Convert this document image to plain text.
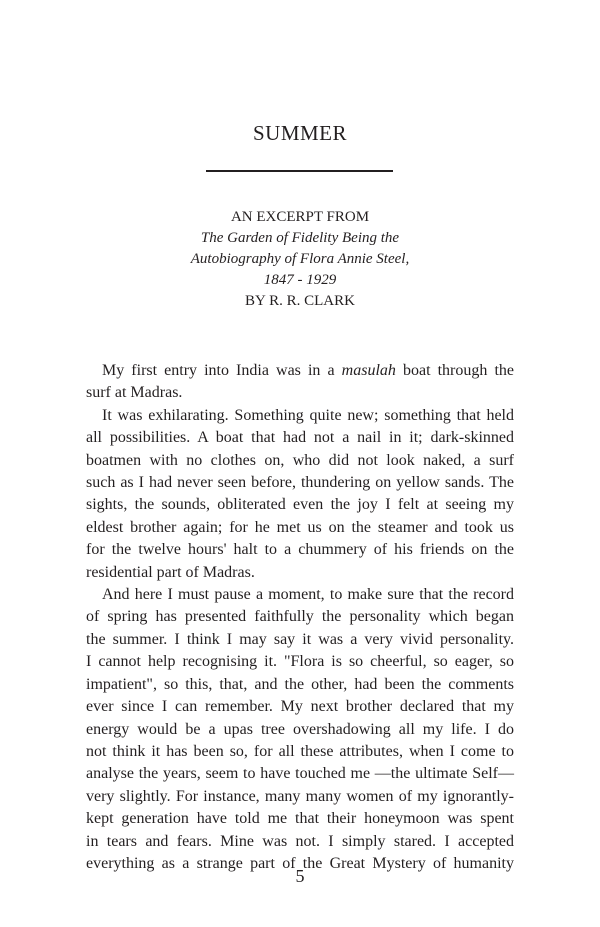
SUMMER
AN EXCERPT FROM
The Garden of Fidelity Being the
Autobiography of Flora Annie Steel,
1847 - 1929
BY R. R. CLARK

My first entry into India was in a masulah boat through the
surf at Madras.

It was exhilarating. Something quite new; something that held
all possibilities. A boat that had not a nail in it; dark-skinned
boatmen with no clothes on, who did not look naked, a surf
such as I had never seen before, thundering on yellow sands. The
sights, the sounds, obliterated even the joy I felt at seeing my
eldest brother again; for he met us on the steamer and took us
for the twelve hours' halt to a chummery of his friends on the
residential part of Madras.

And here I must pause a moment, to make sure that the record
of spring has presented faithfully the personality which began
the summer. I think I may say it was a very vivid personality.
I cannot help recognising it. "Flora is so cheerful, so eager, so
impatient", so this, that, and the other, had been the comments
ever since I can remember. My next brother declared that my
energy would be a upas tree overshadowing all my life. I do
not think it has been so, for all these attributes, when I come to
analyse the years, seem to have touched me —the ultimate Self—
very slightly. For instance, many many women of my ignorantly-
kept generation have told me that their honeymoon was spent
in tears and fears. Mine was not. I simply stared. I accepted
everything as a strange part of the Great Mystery of humanity

5
